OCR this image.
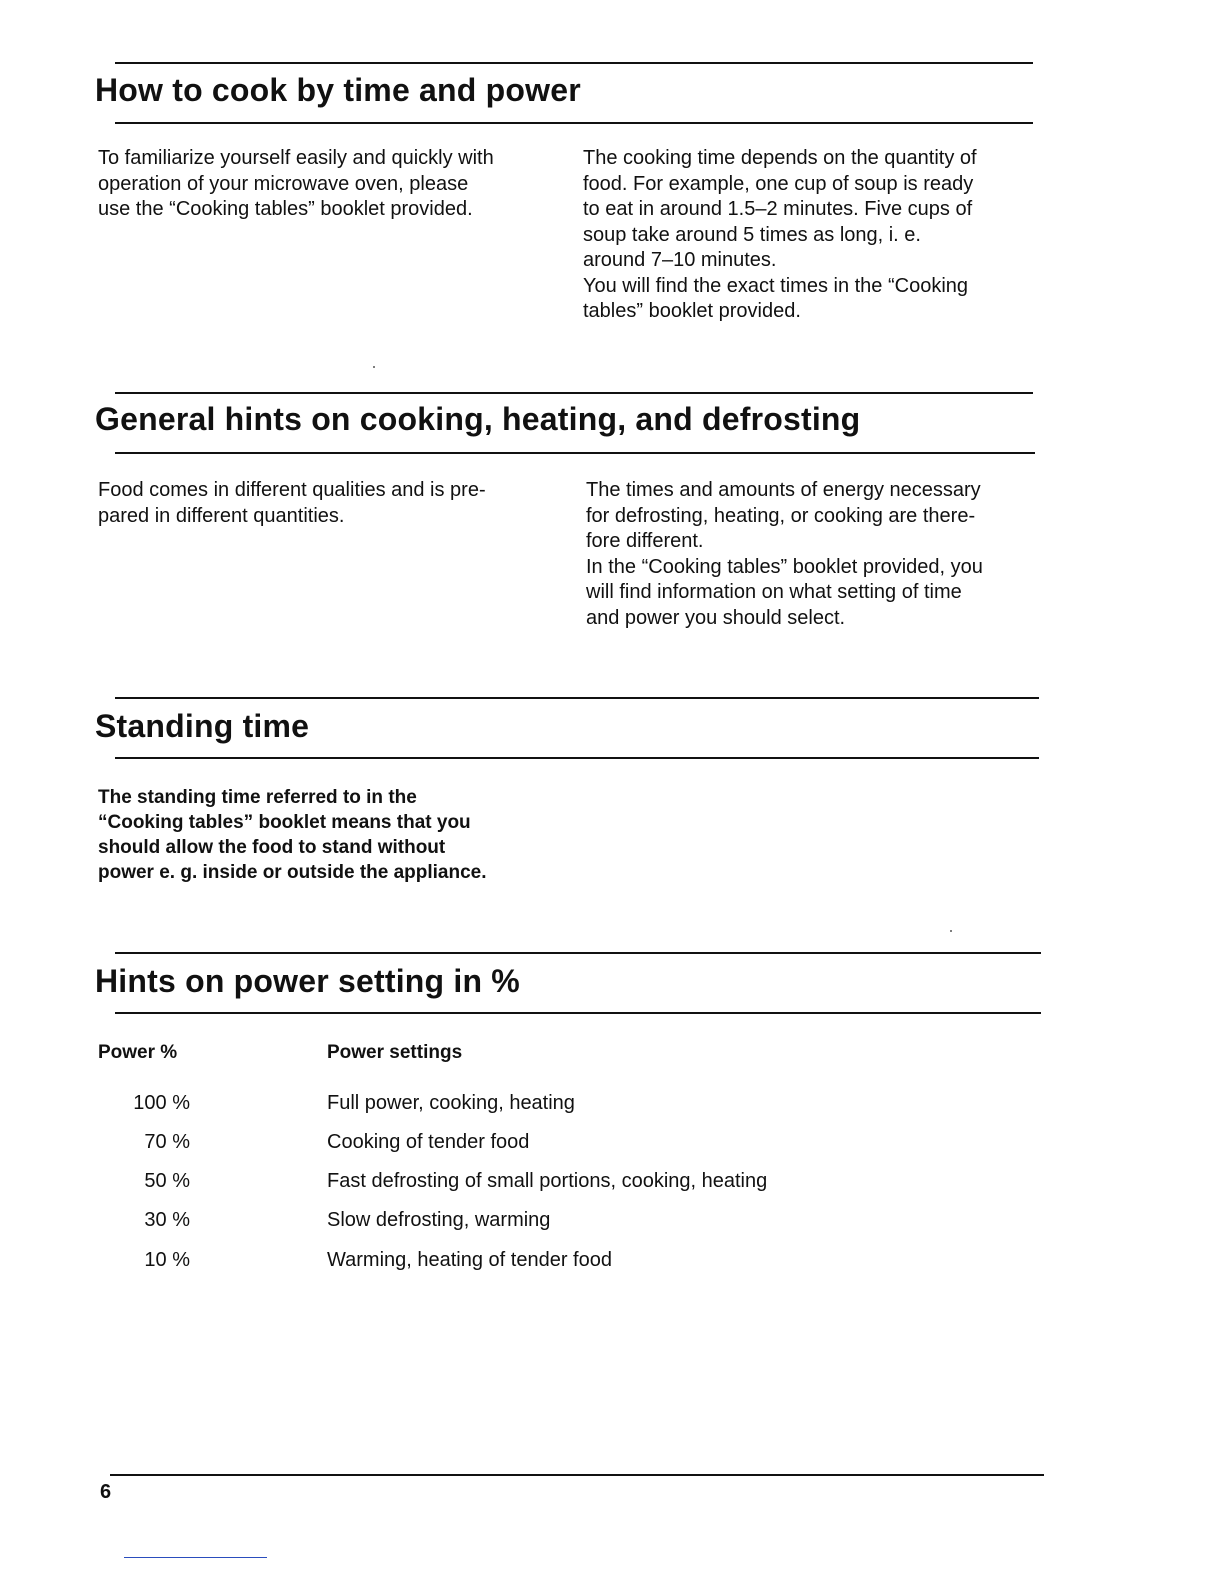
How to cook by time and power

To familiarize yourself easily and quickly with
operation of your microwave oven, please
use the “Cooking tables” booklet provided.

The cooking time depends on the quantity of
food. For example, one cup of soup is ready
to eat in around 1.5–2 minutes. Five cups of
soup take around 5 times as long, i. e.
around 7–10 minutes.
You will find the exact times in the “Cooking
tables” booklet provided.

General hints on cooking, heating, and defrosting

Food comes in different qualities and is pre-
pared in different quantities.

The times and amounts of energy necessary
for defrosting, heating, or cooking are there-
fore different.
In the “Cooking tables” booklet provided, you
will find information on what setting of time
and power you should select.

Standing time

The standing time referred to in the
“Cooking tables” booklet means that you
should allow the food to stand without
power e. g. inside or outside the appliance.

Hints on power setting in %
Power %	Power settings
100 %	Full power, cooking, heating
70 %	Cooking of tender food
50 %	Fast defrosting of small portions, cooking, heating
30 %	Slow defrosting, warming
10 %	Warming, heating of tender food
6
